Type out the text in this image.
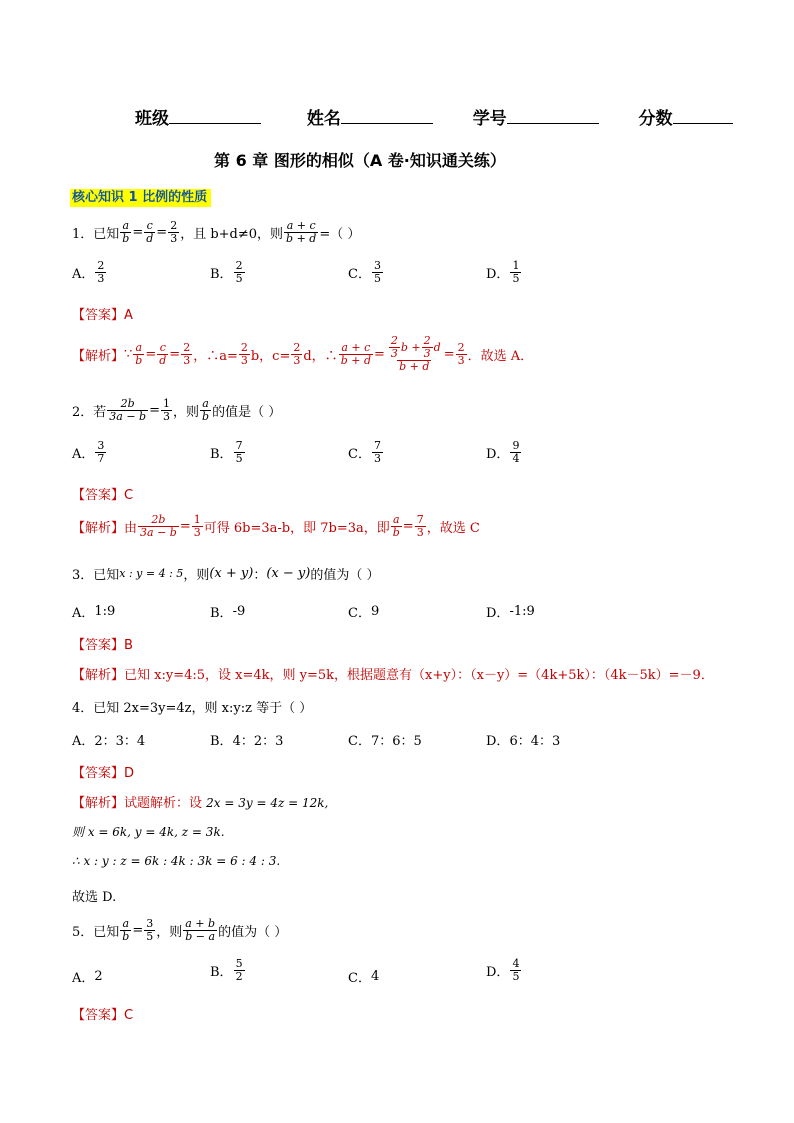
班级	姓名	学号	分数
第 6 章 图形的相似（A 卷·知识通关练）
核心知识 1 比例的性质
1．已知 $\frac{a}{b} = \frac{c}{d} = \frac{2}{3}$ ，且 b+d≠0，则 $\frac{a + c}{b + d}$ =（ ）
A． $\frac{2}{3}$	B． $\frac{2}{5}$	C． $\frac{3}{5}$	D． $\frac{1}{5}$
【答案】A
【解析】 ∵ $\frac{a}{b} = \frac{c}{d} = \frac{2}{3}$ ，∴a= $\frac{2}{3}$ b，$c= \frac{2}{3}$ d，∴ $\frac{a + c}{b + d} = \frac{\frac{2}{3} b + \frac{2}{3} d}{b + d} = \frac{2}{3}$ ．故选 A．
2．若 $\frac{2b}{3a - b} = \frac{1}{3}$ ，则 $\frac{a}{b}$ 的值是（ ）
A． $\frac{3}{7}$	B． $\frac{7}{5}$	C． $\frac{7}{3}$	D． $\frac{9}{4}$
【答案】C
【解析】 由 $\frac{2b}{3a - b} = \frac{1}{3}$ 可得 6b=3a-b，即 7b=3a，即 $\frac{a}{b} = \frac{7}{3}$ ，故选 C
3．已知 x : y = 4 : 5 ，则 (x + y) ： (x − y) 的值为（ ）
A． 1:9	B． -9	C． 9	D． -1:9
【答案】B
【解析】已知 x:y=4:5，设 x=4k，则 y=5k，根据题意有（x+y）：（x－y）=（4k+5k）：（4k－5k）=－9．
4．已知 2x=3y=4z，则 x:y:z 等于（ ）
A． 2：3：4	B． 4：2：3	C． 7：6：5	D． 6：4：3
【答案】D
【解析】试题解析：设 2x = 3y = 4z = 12k,
则 x = 6k, y = 4k, z = 3k.
∴ x : y : z = 6k : 4k : 3k = 6 : 4 : 3.
故选 D.
5．已知 $\frac{a}{b} = \frac{3}{5}$ ，则 $\frac{a + b}{b - a}$ 的值为（ ）
A． 2	B． $\frac{5}{2}$	C． 4	D． $\frac{4}{5}$
【答案】C
